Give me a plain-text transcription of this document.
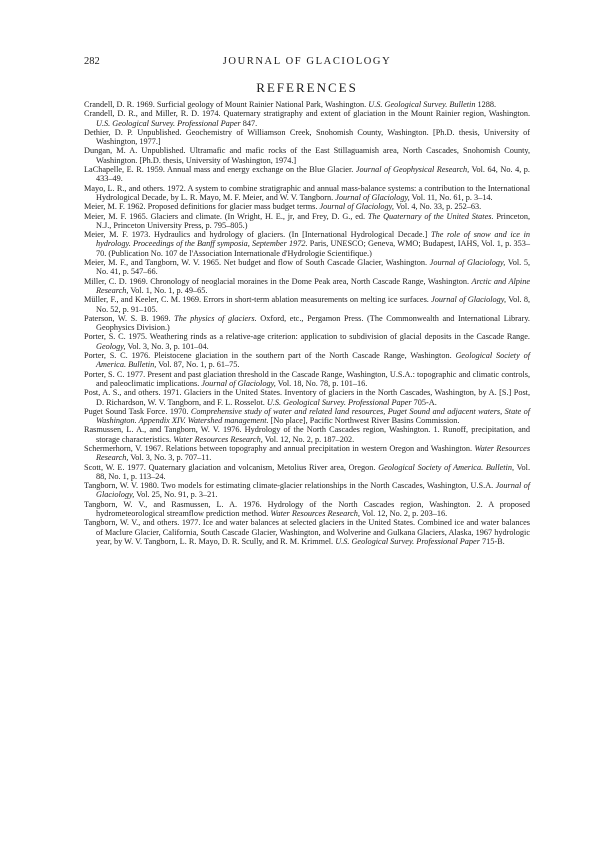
282	JOURNAL OF GLACIOLOGY
REFERENCES

Crandell, D. R. 1969. Surficial geology of Mount Rainier National Park, Washington. U.S. Geological Survey. Bulletin 1288.

Crandell, D. R., and Miller, R. D. 1974. Quaternary stratigraphy and extent of glaciation in the Mount Rainier region, Washington. U.S. Geological Survey. Professional Paper 847.

Dethier, D. P. Unpublished. Geochemistry of Williamson Creek, Snohomish County, Washington. [Ph.D. thesis, University of Washington, 1977.]

Dungan, M. A. Unpublished. Ultramafic and mafic rocks of the East Stillaguamish area, North Cascades, Snohomish County, Washington. [Ph.D. thesis, University of Washington, 1974.]

LaChapelle, E. R. 1959. Annual mass and energy exchange on the Blue Glacier. Journal of Geophysical Research, Vol. 64, No. 4, p. 433–49.

Mayo, L. R., and others. 1972. A system to combine stratigraphic and annual mass-balance systems: a contribution to the International Hydrological Decade, by L. R. Mayo, M. F. Meier, and W. V. Tangborn. Journal of Glaciology, Vol. 11, No. 61, p. 3–14.

Meier, M. F. 1962. Proposed definitions for glacier mass budget terms. Journal of Glaciology, Vol. 4, No. 33, p. 252–63.

Meier, M. F. 1965. Glaciers and climate. (In Wright, H. E., jr, and Frey, D. G., ed. The Quaternary of the United States. Princeton, N.J., Princeton University Press, p. 795–805.)

Meier, M. F. 1973. Hydraulics and hydrology of glaciers. (In [International Hydrological Decade.] The role of snow and ice in hydrology. Proceedings of the Banff symposia, September 1972. Paris, UNESCO; Geneva, WMO; Budapest, IAHS, Vol. 1, p. 353–70. (Publication No. 107 de l'Association Internationale d'Hydrologie Scientifique.)

Meier, M. F., and Tangborn, W. V. 1965. Net budget and flow of South Cascade Glacier, Washington. Journal of Glaciology, Vol. 5, No. 41, p. 547–66.

Miller, C. D. 1969. Chronology of neoglacial moraines in the Dome Peak area, North Cascade Range, Washington. Arctic and Alpine Research, Vol. 1, No. 1, p. 49–65.

Müller, F., and Keeler, C. M. 1969. Errors in short-term ablation measurements on melting ice surfaces. Journal of Glaciology, Vol. 8, No. 52, p. 91–105.

Paterson, W. S. B. 1969. The physics of glaciers. Oxford, etc., Pergamon Press. (The Commonwealth and International Library. Geophysics Division.)

Porter, S. C. 1975. Weathering rinds as a relative-age criterion: application to subdivision of glacial deposits in the Cascade Range. Geology, Vol. 3, No. 3, p. 101–04.

Porter, S. C. 1976. Pleistocene glaciation in the southern part of the North Cascade Range, Washington. Geological Society of America. Bulletin, Vol. 87, No. 1, p. 61–75.

Porter, S. C. 1977. Present and past glaciation threshold in the Cascade Range, Washington, U.S.A.: topographic and climatic controls, and paleoclimatic implications. Journal of Glaciology, Vol. 18, No. 78, p. 101–16.

Post, A. S., and others. 1971. Glaciers in the United States. Inventory of glaciers in the North Cascades, Washington, by A. [S.] Post, D. Richardson, W. V. Tangborn, and F. L. Rosselot. U.S. Geological Survey. Professional Paper 705-A.

Puget Sound Task Force. 1970. Comprehensive study of water and related land resources, Puget Sound and adjacent waters, State of Washington. Appendix XIV. Watershed management. [No place], Pacific Northwest River Basins Commission.

Rasmussen, L. A., and Tangborn, W. V. 1976. Hydrology of the North Cascades region, Washington. 1. Runoff, precipitation, and storage characteristics. Water Resources Research, Vol. 12, No. 2, p. 187–202.

Schermerhorn, V. 1967. Relations between topography and annual precipitation in western Oregon and Washington. Water Resources Research, Vol. 3, No. 3, p. 707–11.

Scott, W. E. 1977. Quaternary glaciation and volcanism, Metolius River area, Oregon. Geological Society of America. Bulletin, Vol. 88, No. 1, p. 113–24.

Tangborn, W. V. 1980. Two models for estimating climate-glacier relationships in the North Cascades, Washington, U.S.A. Journal of Glaciology, Vol. 25, No. 91, p. 3–21.

Tangborn, W. V., and Rasmussen, L. A. 1976. Hydrology of the North Cascades region, Washington. 2. A proposed hydrometeorological streamflow prediction method. Water Resources Research, Vol. 12, No. 2, p. 203–16.

Tangborn, W. V., and others. 1977. Ice and water balances at selected glaciers in the United States. Combined ice and water balances of Maclure Glacier, California, South Cascade Glacier, Washington, and Wolverine and Gulkana Glaciers, Alaska, 1967 hydrologic year, by W. V. Tangborn, L. R. Mayo, D. R. Scully, and R. M. Krimmel. U.S. Geological Survey. Professional Paper 715-B.
